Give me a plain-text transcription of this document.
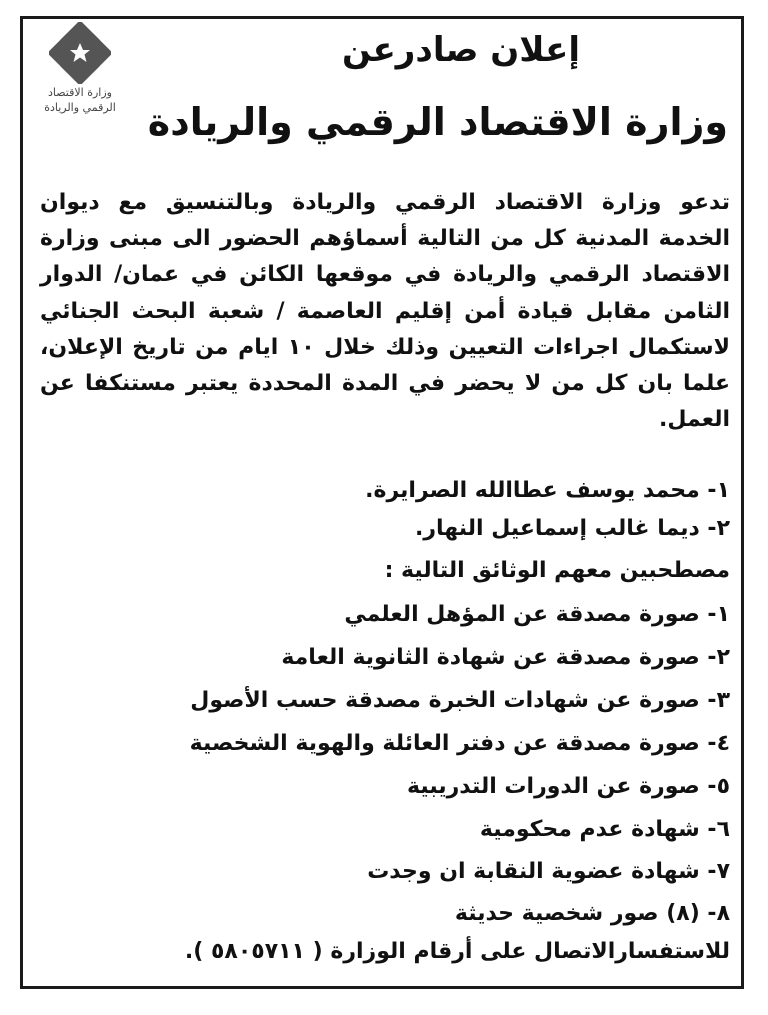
وزارة الاقتصاد
الرقمي والريادة
إعلان صادرعن
وزارة الاقتصاد الرقمي والريادة
تدعو وزارة الاقتصاد الرقمي والريادة وبالتنسيق مع ديوان الخدمة المدنية كل من التالية أسماؤهم الحضور الى مبنى وزارة الاقتصاد الرقمي والريادة في موقعها الكائن في عمان/ الدوار الثامن مقابل قيادة أمن إقليم العاصمة / شعبة البحث الجنائي لاستكمال اجراءات التعيين وذلك خلال ١٠ ايام من تاريخ الإعلان، علما بان كل من لا يحضر في المدة المحددة يعتبر مستنكفا عن العمل.
١- محمد يوسف عطاالله الصرايرة.
٢- ديما غالب إسماعيل النهار.
مصطحبين معهم الوثائق التالية :
١- صورة مصدقة عن المؤهل العلمي
٢- صورة مصدقة عن شهادة الثانوية العامة
٣- صورة عن شهادات الخبرة مصدقة حسب الأصول
٤- صورة مصدقة عن دفتر العائلة والهوية الشخصية
٥- صورة عن الدورات التدريبية
٦- شهادة عدم محكومية
٧- شهادة عضوية النقابة ان وجدت
٨- (٨) صور شخصية حديثة
للاستفسارالاتصال على أرقام الوزارة ( ٥٨٠٥٧١١ ).
